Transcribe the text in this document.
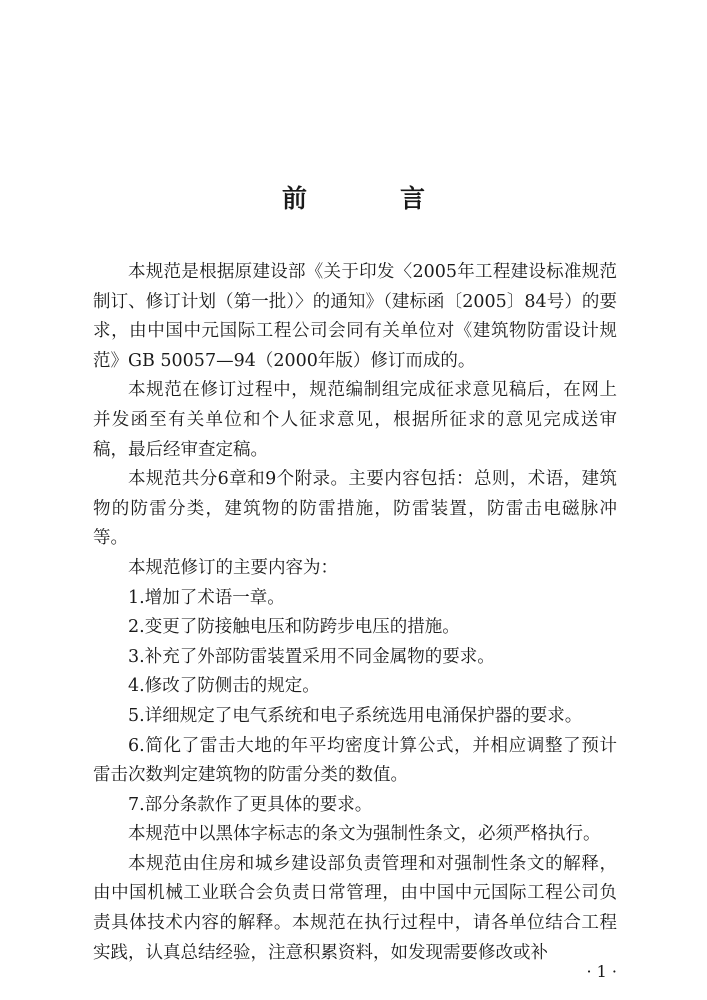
前　言

本规范是根据原建设部《关于印发〈2005年工程建设标准规范制订、修订计划（第一批）〉的通知》（建标函〔2005〕84号）的要求，由中国中元国际工程公司会同有关单位对《建筑物防雷设计规范》GB 50057—94（2000年版）修订而成的。

本规范在修订过程中，规范编制组完成征求意见稿后，在网上并发函至有关单位和个人征求意见，根据所征求的意见完成送审稿，最后经审查定稿。

本规范共分6章和9个附录。主要内容包括：总则，术语，建筑物的防雷分类，建筑物的防雷措施，防雷装置，防雷击电磁脉冲等。

本规范修订的主要内容为：

1.增加了术语一章。

2.变更了防接触电压和防跨步电压的措施。

3.补充了外部防雷装置采用不同金属物的要求。

4.修改了防侧击的规定。

5.详细规定了电气系统和电子系统选用电涌保护器的要求。

6.简化了雷击大地的年平均密度计算公式，并相应调整了预计雷击次数判定建筑物的防雷分类的数值。

7.部分条款作了更具体的要求。

本规范中以黑体字标志的条文为强制性条文，必须严格执行。

本规范由住房和城乡建设部负责管理和对强制性条文的解释，由中国机械工业联合会负责日常管理，由中国中元国际工程公司负责具体技术内容的解释。本规范在执行过程中，请各单位结合工程实践，认真总结经验，注意积累资料，如发现需要修改或补

· 1 ·
